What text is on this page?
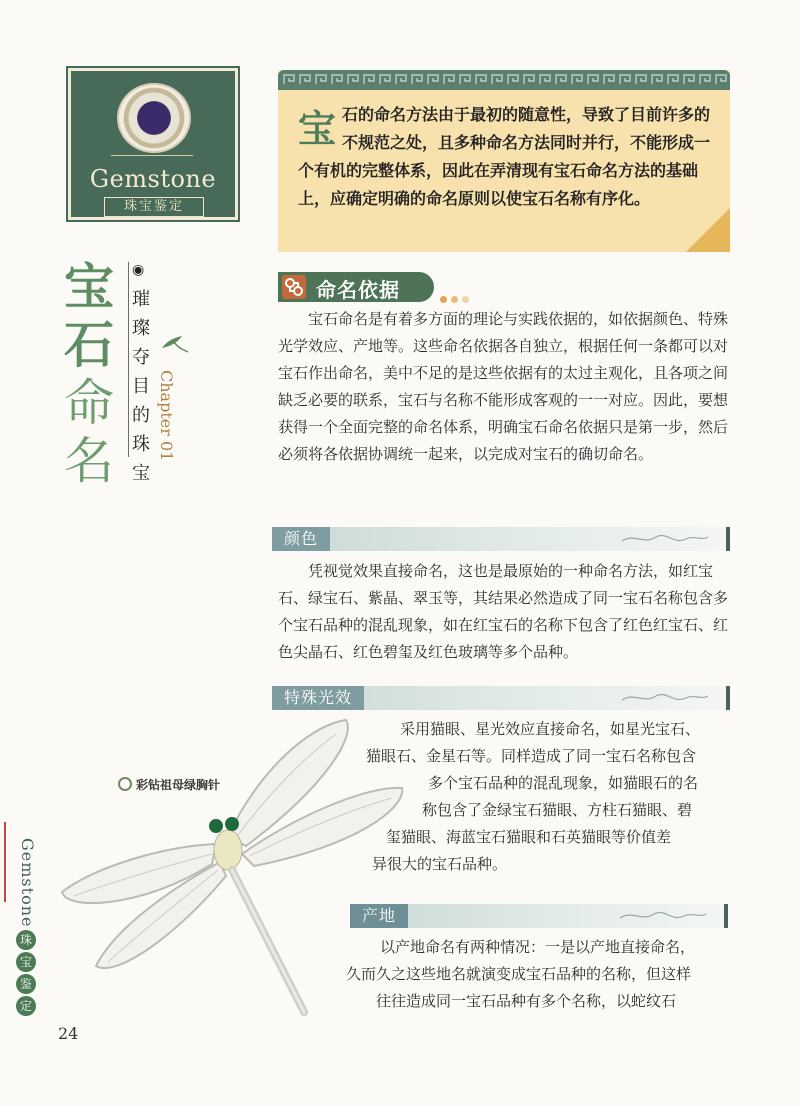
Gemstone
珠宝鉴定
宝
石
命
名
◉
璀
璨
夺
目
的
珠
宝
Chapter 01
宝石的命名方法由于最初的随意性，导致了目前许多的不规范之处，且多种命名方法同时并行，不能形成一个有机的完整体系，因此在弄清现有宝石命名方法的基础上，应确定明确的命名原则以使宝石名称有序化。
命名依据
宝石命名是有着多方面的理论与实践依据的，如依据颜色、特殊光学效应、产地等。这些命名依据各自独立，根据任何一条都可以对宝石作出命名，美中不足的是这些依据有的太过主观化，且各项之间缺乏必要的联系，宝石与名称不能形成客观的一一对应。因此，要想获得一个全面完整的命名体系，明确宝石命名依据只是第一步，然后必须将各依据协调统一起来，以完成对宝石的确切命名。
颜色
凭视觉效果直接命名，这也是最原始的一种命名方法，如红宝石、绿宝石、紫晶、翠玉等，其结果必然造成了同一宝石名称包含多个宝石品种的混乱现象，如在红宝石的名称下包含了红色红宝石、红色尖晶石、红色碧玺及红色玻璃等多个品种。
特殊光效
采用猫眼、星光效应直接命名，如星光宝石、
猫眼石、金星石等。同样造成了同一宝石名称包含
多个宝石品种的混乱现象，如猫眼石的名
称包含了金绿宝石猫眼、方柱石猫眼、碧
玺猫眼、海蓝宝石猫眼和石英猫眼等价值差
异很大的宝石品种。
产地
以产地命名有两种情况：一是以产地直接命名，
久而久之这些地名就演变成宝石品种的名称，但这样
往往造成同一宝石品种有多个名称，以蛇纹石
彩钻祖母绿胸针
Gemstone
珠
宝
鉴
定
24
